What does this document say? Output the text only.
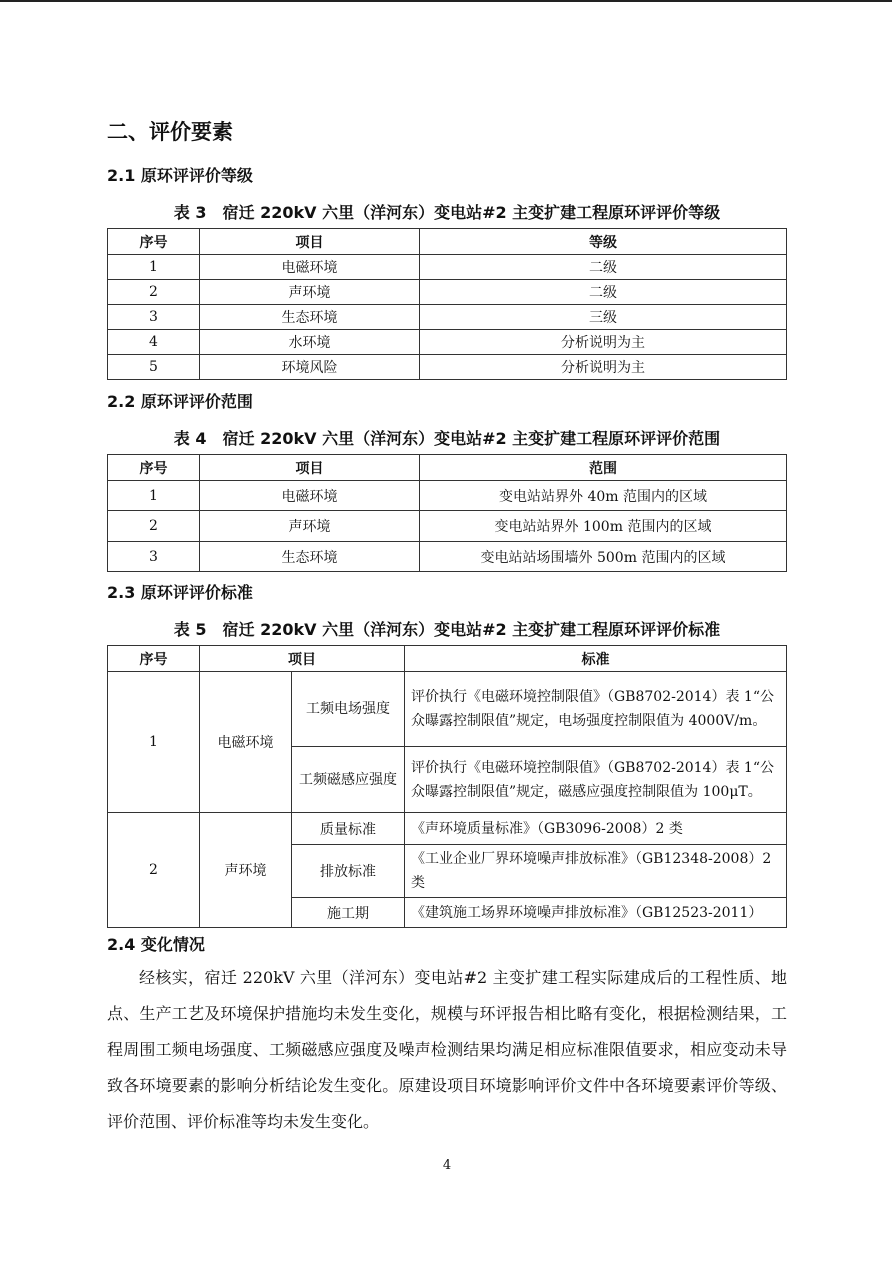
二、评价要素
2.1 原环评评价等级
表 3　宿迁 220kV 六里（洋河东）变电站#2 主变扩建工程原环评评价等级
序号	项目	等级
1	电磁环境	二级
2	声环境	二级
3	生态环境	三级
4	水环境	分析说明为主
5	环境风险	分析说明为主
2.2 原环评评价范围
表 4　宿迁 220kV 六里（洋河东）变电站#2 主变扩建工程原环评评价范围
序号	项目	范围
1	电磁环境	变电站站界外 40m 范围内的区域
2	声环境	变电站站界外 100m 范围内的区域
3	生态环境	变电站站场围墙外 500m 范围内的区域
2.3 原环评评价标准
表 5　宿迁 220kV 六里（洋河东）变电站#2 主变扩建工程原环评评价标准
序号	项目		标准
1	电磁环境	工频电场强度	评价执行《电磁环境控制限值》（GB8702-2014）表 1“公众曝露控制限值”规定，电场强度控制限值为 4000V/m。
		工频磁感应强度	评价执行《电磁环境控制限值》（GB8702-2014）表 1“公众曝露控制限值”规定，磁感应强度控制限值为 100μT。
2	声环境	质量标准	《声环境质量标准》（GB3096-2008）2 类
		排放标准	《工业企业厂界环境噪声排放标准》（GB12348-2008）2 类
		施工期	《建筑施工场界环境噪声排放标准》（GB12523-2011）
2.4 变化情况

经核实，宿迁 220kV 六里（洋河东）变电站#2 主变扩建工程实际建成后的工程性质、地点、生产工艺及环境保护措施均未发生变化，规模与环评报告相比略有变化，根据检测结果，工程周围工频电场强度、工频磁感应强度及噪声检测结果均满足相应标准限值要求，相应变动未导致各环境要素的影响分析结论发生变化。原建设项目环境影响评价文件中各环境要素评价等级、评价范围、评价标准等均未发生变化。

4
